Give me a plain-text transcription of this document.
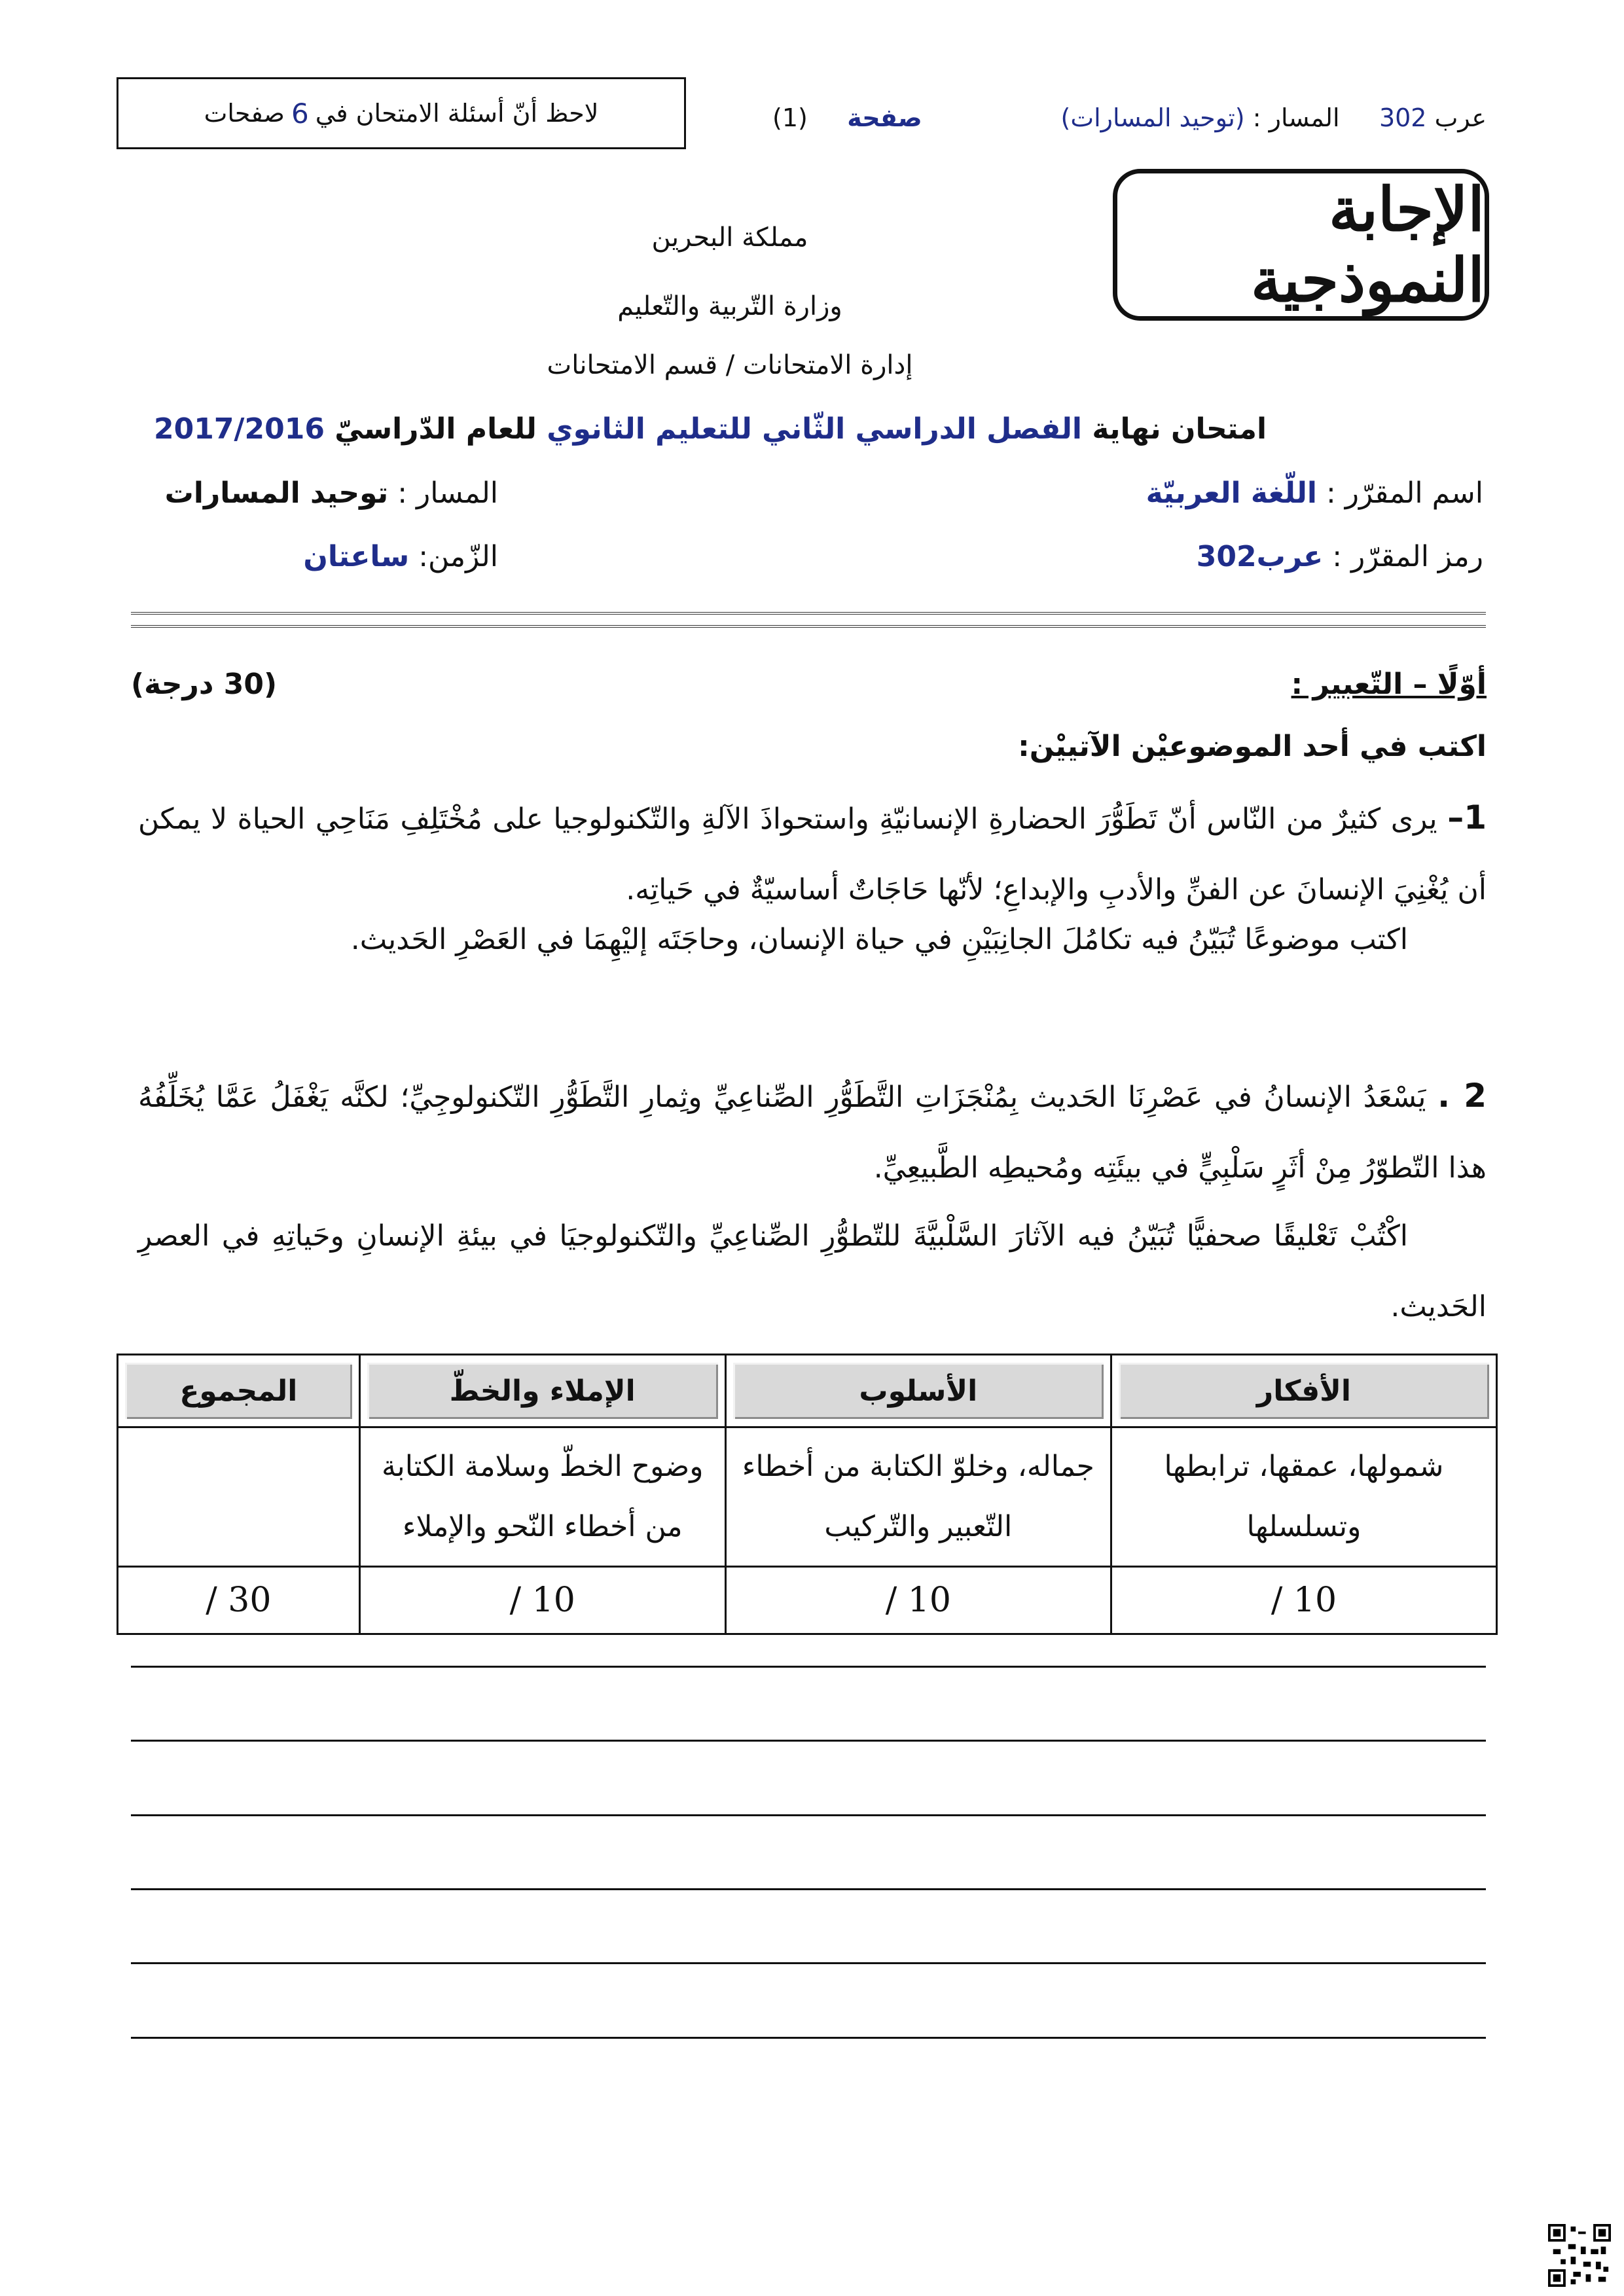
عرب 302     المسار : (توحيد المسارات)
صفحة     (1)
لاحظ أنّ أسئلة الامتحان في
6
صفحات
الإجابة النموذجية
مملكة البحرين
وزارة التّربية والتّعليم
إدارة الامتحانات / قسم الامتحانات
امتحان نهاية الفصل الدراسي الثّاني للتعليم الثانوي للعام الدّراسيّ 2017/2016
اسم المقرّر : اللّغة العربيّة
المسار : توحيد المسارات
رمز المقرّر : عرب302
الزّمن: ساعتان
أوّلًا – التّعبير :
(30 درجة)
اكتب في أحد الموضوعيْن الآتييْن:
1– يرى كثيرٌ من النّاس أنّ تَطَوُّرَ الحضارةِ الإنسانيّةِ واستحواذَ الآلةِ والتّكنولوجيا على مُخْتَلِفِ مَنَاحِي الحياة لا يمكن أن يُغْنِيَ الإنسانَ عن الفنِّ والأدبِ والإبداعِ؛ لأنّها حَاجَاتٌ أساسيّةٌ في حَياتِه.
اكتب موضوعًا تُبَيّنُ فيه تكامُلَ الجانِبَيْنِ في حياة الإنسان، وحاجَتَه إليْهِمَا في العَصْرِ الحَديث.
2 . يَسْعَدُ الإنسانُ في عَصْرِنَا الحَديث بِمُنْجَزَاتِ التَّطَوُّرِ الصِّناعِيِّ وثِمارِ التَّطَوُّرِ التّكنولوجِيِّ؛ لكنَّه يَغْفَلُ عَمَّا يُخَلِّفُهُ هذا التّطوّرُ مِنْ أثَرٍ سَلْبِيٍّ في بيئَتِه ومُحيطِه الطَّبيعِيِّ.
اكْتُبْ تَعْليقًا صحفيًّا تُبَيّنُ فيه الآثارَ السَّلْبيَّةَ للتّطوُّرِ الصِّناعِيِّ والتّكنولوجيَا في بيئةِ الإنسانِ وحَياتِهِ في العصرِ الحَديث.
الأفكار	الأسلوب	الإملاء والخطّ	المجموع

شمولها، عمقها، ترابطها وتسلسلها	جماله، وخلوّ الكتابة من أخطاء التّعبير والتّركيب	وضوح الخطّ وسلامة الكتابة من أخطاء النّحو والإملاء	
10 /	10 /	10 /	30 /
